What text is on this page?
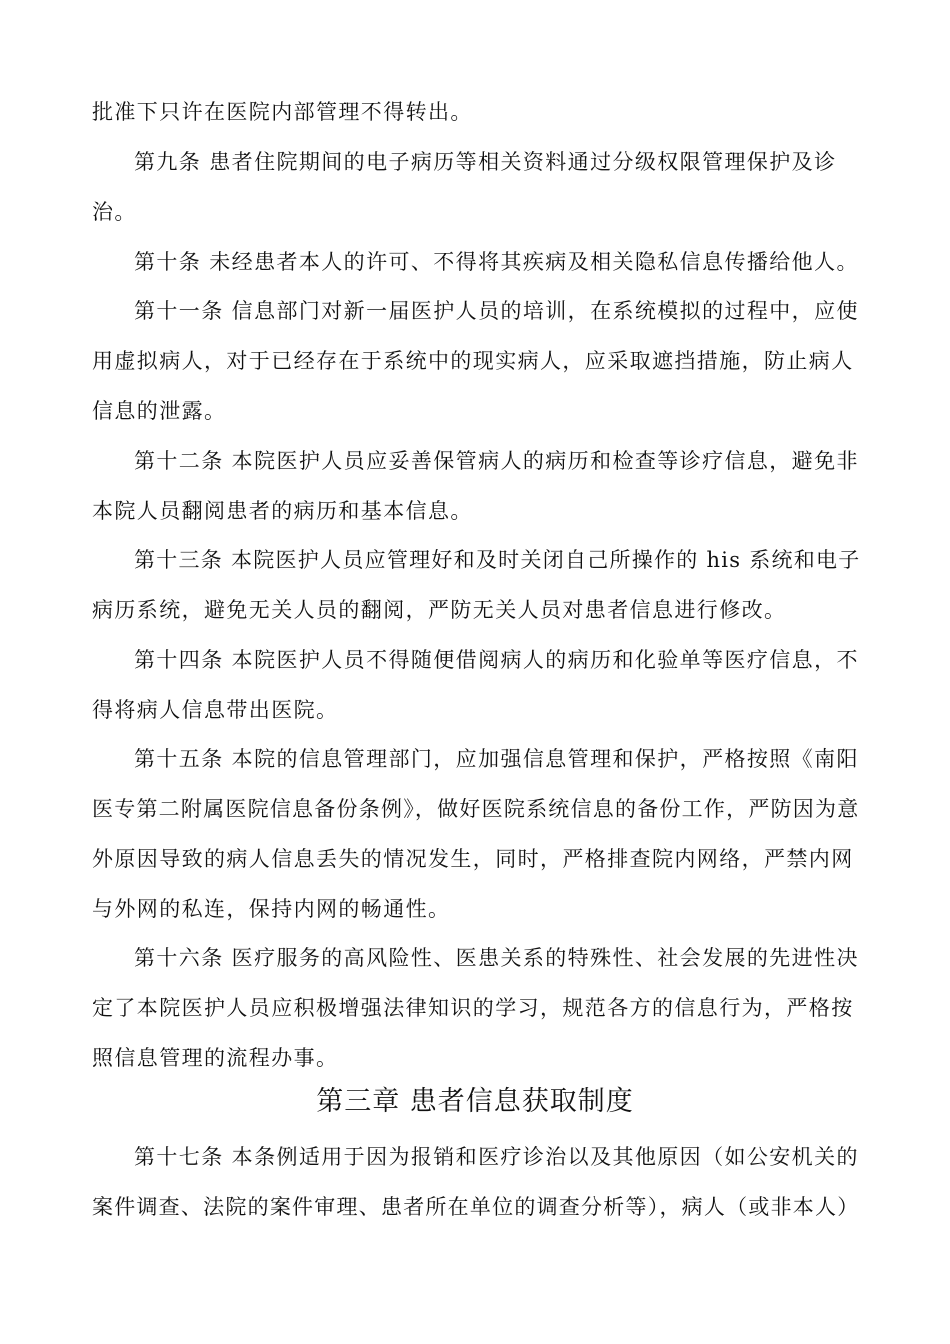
批准下只许在医院内部管理不得转出。
第九条 患者住院期间的电子病历等相关资料通过分级权限管理保护及诊
治。
第十条 未经患者本人的许可、不得将其疾病及相关隐私信息传播给他人。
第十一条 信息部门对新一届医护人员的培训，在系统模拟的过程中，应使
用虚拟病人，对于已经存在于系统中的现实病人，应采取遮挡措施，防止病人
信息的泄露。
第十二条 本院医护人员应妥善保管病人的病历和检查等诊疗信息，避免非
本院人员翻阅患者的病历和基本信息。
第十三条 本院医护人员应管理好和及时关闭自己所操作的 his 系统和电子
病历系统，避免无关人员的翻阅，严防无关人员对患者信息进行修改。
第十四条 本院医护人员不得随便借阅病人的病历和化验单等医疗信息，不
得将病人信息带出医院。
第十五条 本院的信息管理部门，应加强信息管理和保护，严格按照《南阳
医专第二附属医院信息备份条例》，做好医院系统信息的备份工作，严防因为意
外原因导致的病人信息丢失的情况发生，同时，严格排查院内网络，严禁内网
与外网的私连，保持内网的畅通性。
第十六条 医疗服务的高风险性、医患关系的特殊性、社会发展的先进性决
定了本院医护人员应积极增强法律知识的学习，规范各方的信息行为，严格按
照信息管理的流程办事。
第三章 患者信息获取制度
第十七条 本条例适用于因为报销和医疗诊治以及其他原因（如公安机关的
案件调查、法院的案件审理、患者所在单位的调查分析等），病人（或非本人）
